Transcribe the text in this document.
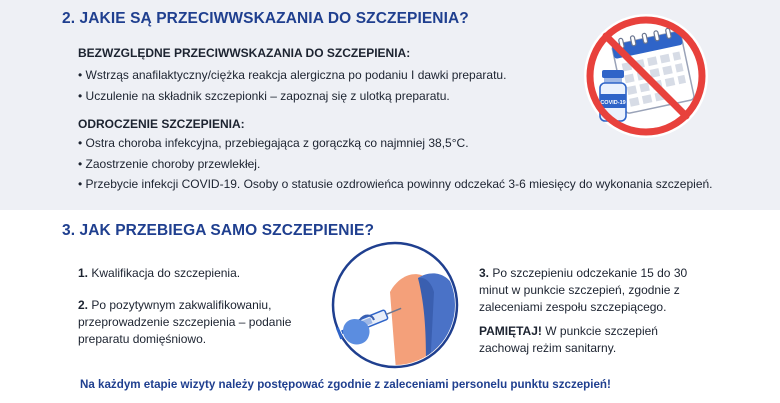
2. JAKIE SĄ PRZECIWWSKAZANIA DO SZCZEPIENIA?
BEZWZGLĘDNE PRZECIWWSKAZANIA DO SZCZEPIENIA:
• Wstrząs anafilaktyczny/ciężka reakcja alergiczna po podaniu I dawki preparatu.
• Uczulenie na składnik szczepionki – zapoznaj się z ulotką preparatu.
ODROCZENIE SZCZEPIENIA:
• Ostra choroba infekcyjna, przebiegająca z gorączką co najmniej 38,5°C.
• Zaostrzenie choroby przewlekłej.
• Przebycie infekcji COVID-19. Osoby o statusie ozdrowieńca powinny odczekać 3-6 miesięcy do wykonania szczepień.
COVID-19
3. JAK PRZEBIEGA SAMO SZCZEPIENIE?
1. Kwalifikacja do szczepienia.
2. Po pozytywnym zakwalifikowaniu, przeprowadzenie szczepienia – podanie preparatu domięśniowo.
3. Po szczepieniu odczekanie 15 do 30 minut w punkcie szczepień, zgodnie z zaleceniami zespołu szczepiącego.
PAMIĘTAJ! W punkcie szczepień zachowaj reżim sanitarny.
Na każdym etapie wizyty należy postępować zgodnie z zaleceniami personelu punktu szczepień!
